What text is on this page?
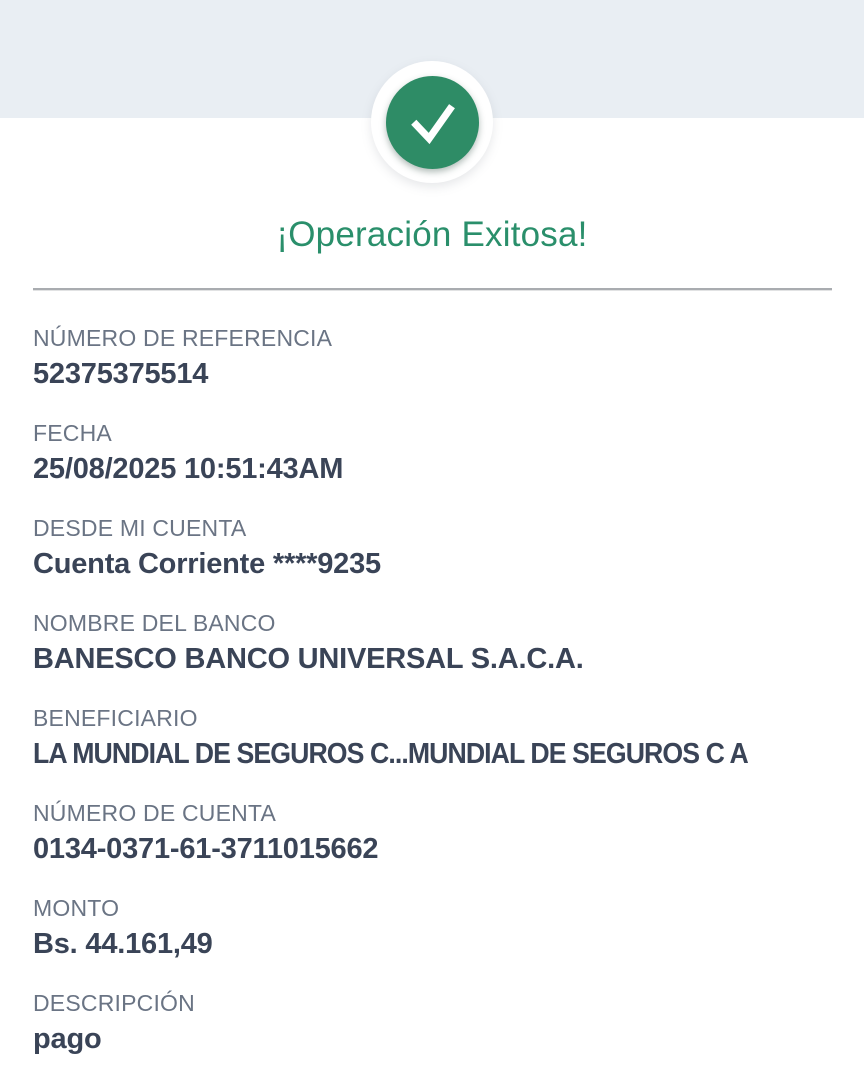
¡Operación Exitosa!
NÚMERO DE REFERENCIA
52375375514
FECHA
25/08/2025 10:51:43AM
DESDE MI CUENTA
Cuenta Corriente ****9235
NOMBRE DEL BANCO
BANESCO BANCO UNIVERSAL S.A.C.A.
BENEFICIARIO
LA MUNDIAL DE SEGUROS C...MUNDIAL DE SEGUROS C A
NÚMERO DE CUENTA
0134-0371-61-3711015662
MONTO
Bs. 44.161,49
DESCRIPCIÓN
pago
